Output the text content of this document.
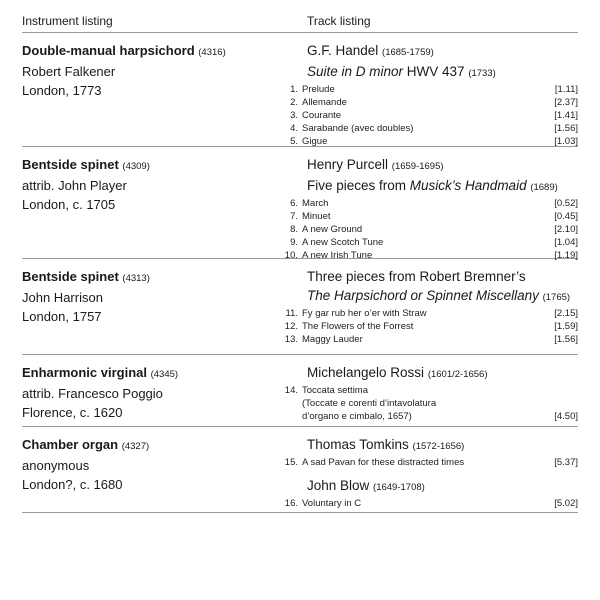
Instrument listing	Track listing
Double-manual harpsichord (4316)
Robert Falkener
London, 1773
G.F. Handel (1685-1759)
Suite in D minor HWV 437 (1733)
1. Prelude	[1.11]
2. Allemande	[2.37]
3. Courante	[1.41]
4. Sarabande (avec doubles)	[1.56]
5. Gigue	[1.03]
Bentside spinet (4309)
attrib. John Player
London, c. 1705
Henry Purcell (1659-1695)
Five pieces from Musick’s Handmaid (1689)
6. March	[0.52]
7. Minuet	[0.45]
8. A new Ground	[2.10]
9. A new Scotch Tune	[1.04]
10. A new Irish Tune	[1.19]
Bentside spinet (4313)
John Harrison
London, 1757
Three pieces from Robert Bremner’s
The Harpsichord or Spinnet Miscellany (1765)
11. Fy gar rub her o’er with Straw	[2.15]
12. The Flowers of the Forrest	[1.59]
13. Maggy Lauder	[1.56]
Enharmonic virginal (4345)
attrib. Francesco Poggio
Florence, c. 1620
Michelangelo Rossi (1601/2-1656)
14. Toccata settima
(Toccate e corenti d’intavolatura
d’organo e cimbalo, 1657)	[4.50]
Chamber organ (4327)
anonymous
London?, c. 1680
Thomas Tomkins (1572-1656)
15. A sad Pavan for these distracted times	[5.37]
John Blow (1649-1708)
16. Voluntary in C	[5.02]
